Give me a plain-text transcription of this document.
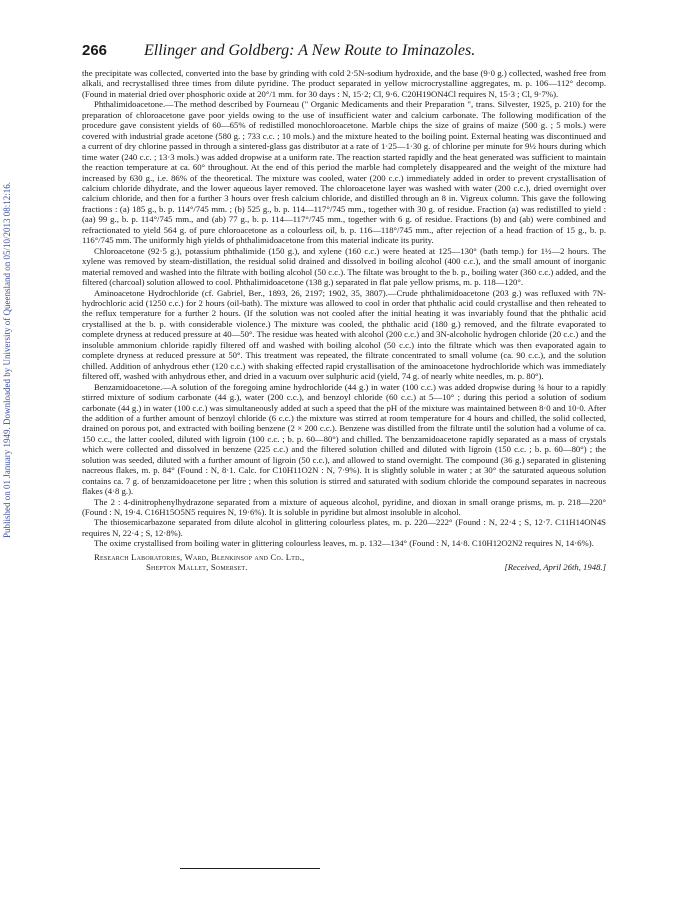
Published on 01 January 1949. Downloaded by University of Queensland on 05/10/2013 08:12:16.
266 Ellinger and Goldberg: A New Route to Iminazoles.

the precipitate was collected, converted into the base by grinding with cold 2·5N-sodium hydroxide, and the base (9·0 g.) collected, washed free from alkali, and recrystallised three times from dilute pyridine. The product separated in yellow microcrystalline aggregates, m. p. 106—112° decomp. (Found in material dried over phosphoric oxide at 20°/1 mm. for 30 days : N, 15·2; Cl, 9·6. C20H19ON4Cl requires N, 15·3 ; Cl, 9·7%).

Phthalimidoacetone.—The method described by Fourneau (" Organic Medicaments and their Preparation ", trans. Silvester, 1925, p. 210) for the preparation of chloroacetone gave poor yields owing to the use of insufficient water and calcium carbonate. The following modification of the procedure gave consistent yields of 60—65% of redistilled monochloroacetone. Marble chips the size of grains of maize (500 g. ; 5 mols.) were covered with industrial grade acetone (580 g. ; 733 c.c. ; 10 mols.) and the mixture heated to the boiling point. External heating was discontinued and a current of dry chlorine passed in through a sintered-glass gas distributor at a rate of 1·25—1·30 g. of chlorine per minute for 9½ hours during which time water (240 c.c. ; 13·3 mols.) was added dropwise at a uniform rate. The reaction started rapidly and the heat generated was sufficient to maintain the reaction temperature at ca. 60° throughout. At the end of this period the marble had completely disappeared and the weight of the mixture had increased by 630 g., i.e. 86% of the theoretical. The mixture was cooled, water (200 c.c.) immediately added in order to prevent crystallisation of calcium chloride dihydrate, and the lower aqueous layer removed. The chloroacetone layer was washed with water (200 c.c.), dried overnight over calcium chloride, and then for a further 3 hours over fresh calcium chloride, and distilled through an 8 in. Vigreux column. This gave the following fractions : (a) 185 g., b. p. 114°/745 mm. ; (b) 525 g., b. p. 114—117°/745 mm., together with 30 g. of residue. Fraction (a) was redistilled to yield : (aa) 99 g., b. p. 114°/745 mm., and (ab) 77 g., b. p. 114—117°/745 mm., together with 6 g. of residue. Fractions (b) and (ab) were combined and refractionated to yield 564 g. of pure chloroacetone as a colourless oil, b. p. 116—118°/745 mm., after rejection of a head fraction of 15 g., b. p. 116°/745 mm. The uniformly high yields of phthalimidoacetone from this material indicate its purity.

Chloroacetone (92·5 g.), potassium phthalimide (150 g.), and xylene (160 c.c.) were heated at 125—130° (bath temp.) for 1½—2 hours. The xylene was removed by steam-distillation, the residual solid drained and dissolved in boiling alcohol (400 c.c.), and the small amount of inorganic material removed and washed into the filtrate with boiling alcohol (50 c.c.). The filtate was brought to the b. p., boiling water (360 c.c.) added, and the filtered (charcoal) solution allowed to cool. Phthalimidoacetone (138 g.) separated in flat pale yellow prisms, m. p. 118—120°.

Aminoacetone Hydrochloride (cf. Gabriel, Ber., 1893, 26, 2197; 1902, 35, 3807).—Crude phthalimidoacetone (203 g.) was refluxed with 7N-hydrochloric acid (1250 c.c.) for 2 hours (oil-bath). The mixture was allowed to cool in order that phthalic acid could crystallise and then reheated to the reflux temperature for a further 2 hours. (If the solution was not cooled after the initial heating it was invariably found that the phthalic acid crystallised at the b. p. with considerable violence.) The mixture was cooled, the phthalic acid (180 g.) removed, and the filtrate evaporated to complete dryness at reduced pressure at 40—50°. The residue was heated with alcohol (200 c.c.) and 3N-alcoholic hydrogen chloride (20 c.c.) and the insoluble ammonium chloride rapidly filtered off and washed with boiling alcohol (50 c.c.) into the filtrate which was then evaporated again to complete dryness at reduced pressure at 50°. This treatment was repeated, the filtrate concentrated to small volume (ca. 90 c.c.), and the solution chilled. Addition of anhydrous ether (120 c.c.) with shaking effected rapid crystallisation of the aminoacetone hydrochloride which was immediately filtered off, washed with anhydrous ether, and dried in a vacuum over sulphuric acid (yield, 74 g. of nearly white needles, m. p. 80°).

Benzamidoacetone.—A solution of the foregoing amine hydrochloride (44 g.) in water (100 c.c.) was added dropwise during ¾ hour to a rapidly stirred mixture of sodium carbonate (44 g.), water (200 c.c.), and benzoyl chloride (60 c.c.) at 5—10° ; during this period a solution of sodium carbonate (44 g.) in water (100 c.c.) was simultaneously added at such a speed that the pH of the mixture was maintained between 8·0 and 10·0. After the addition of a further amount of benzoyl chloride (6 c.c.) the mixture was stirred at room temperature for 4 hours and chilled, the solid collected, drained on porous pot, and extracted with boiling benzene (2 × 200 c.c.). Benzene was distilled from the filtrate until the solution had a volume of ca. 150 c.c., the latter cooled, diluted with ligroin (100 c.c. ; b. p. 60—80°) and chilled. The benzamidoacetone rapidly separated as a mass of crystals which were collected and dissolved in benzene (225 c.c.) and the filtered solution chilled and diluted with ligroin (150 c.c. ; b. p. 60—80°) ; the solution was seeded, diluted with a further amount of ligroin (50 c.c.), and allowed to stand overnight. The compound (36 g.) separated in glistening nacreous flakes, m. p. 84° (Found : N, 8·1. Calc. for C10H11O2N : N, 7·9%). It is slightly soluble in water ; at 30° the saturated aqueous solution contains ca. 7 g. of benzamidoacetone per litre ; when this solution is stirred and saturated with sodium chloride the compound separates in nacreous flakes (4·8 g.).

The 2 : 4-dinitrophenylhydrazone separated from a mixture of aqueous alcohol, pyridine, and dioxan in small orange prisms, m. p. 218—220° (Found : N, 19·4. C16H15O5N5 requires N, 19·6%). It is soluble in pyridine but almost insoluble in alcohol.

The thiosemicarbazone separated from dilute alcohol in glittering colourless plates, m. p. 220—222° (Found : N, 22·4 ; S, 12·7. C11H14ON4S requires N, 22·4 ; S, 12·8%).

The oxime crystallised from boiling water in glittering colourless leaves, m. p. 132—134° (Found : N, 14·8. C10H12O2N2 requires N, 14·6%).

Research Laboratories, Ward, Blenkinsop and Co. Ltd.,
Shepton Mallet, Somerset.	[Received, April 26th, 1948.]
